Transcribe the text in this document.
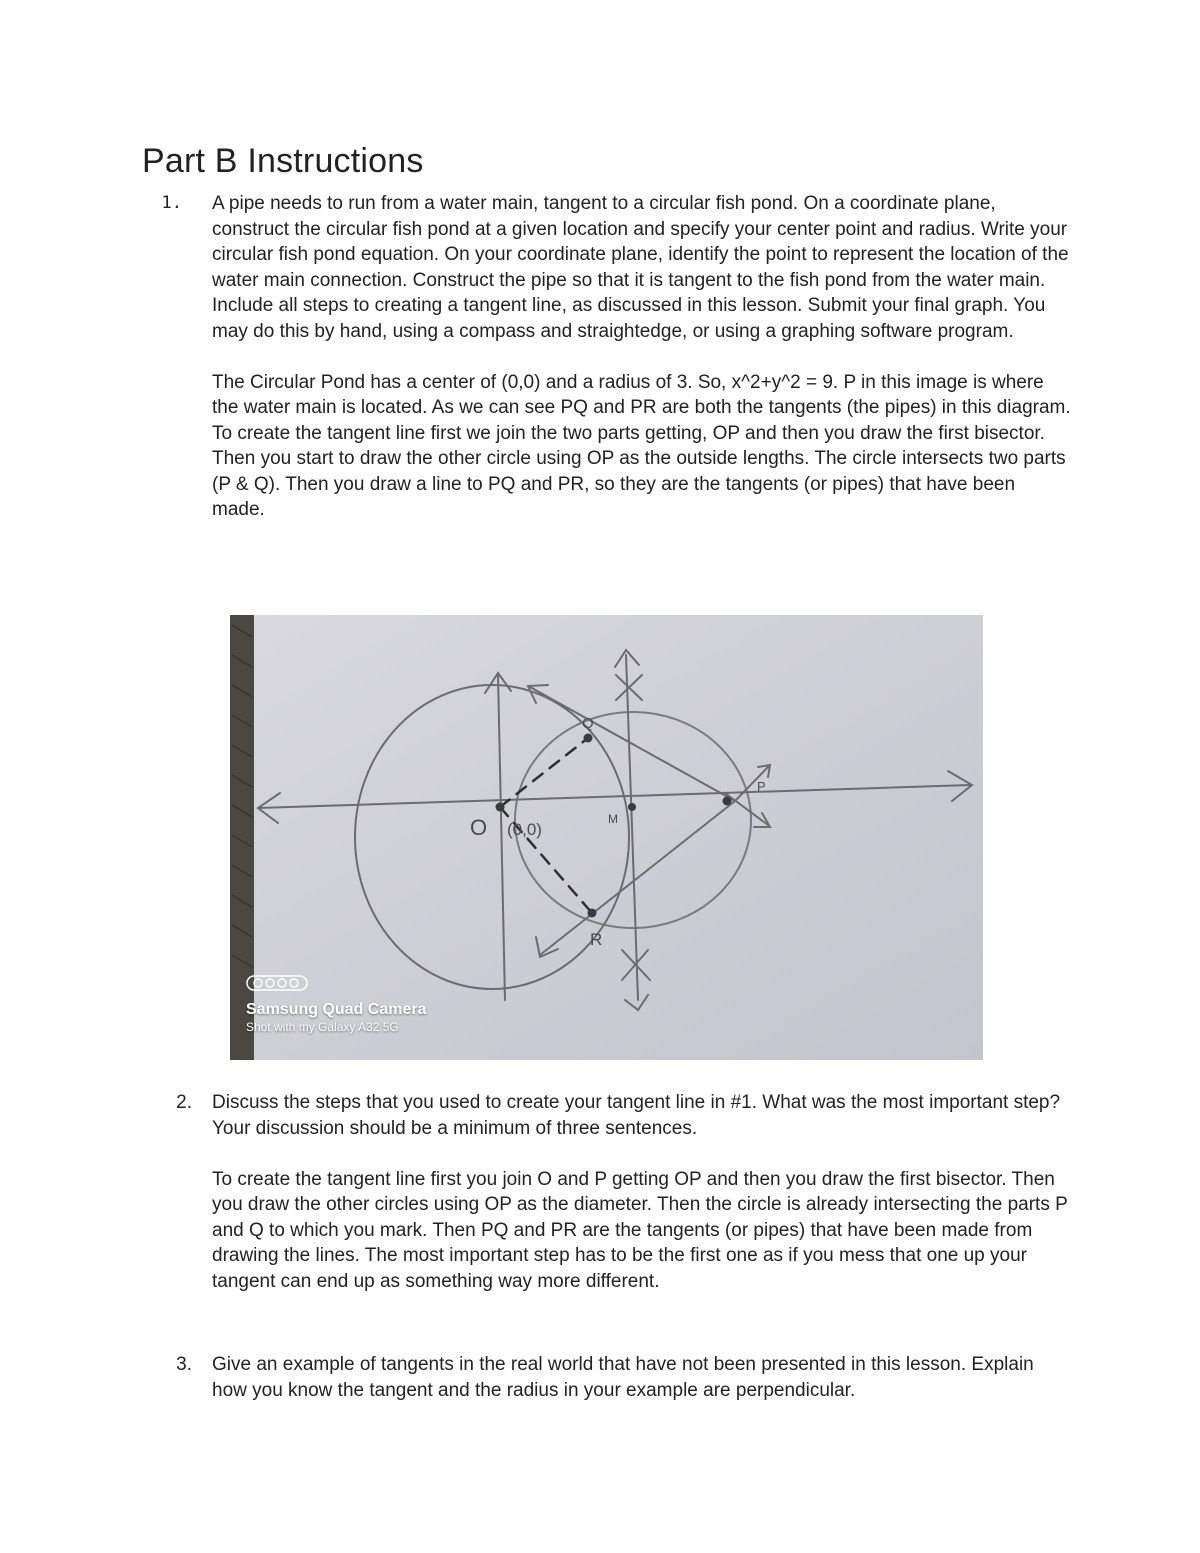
Part B Instructions
1. A pipe needs to run from a water main, tangent to a circular fish pond. On a coordinate plane, construct the circular fish pond at a given location and specify your center point and radius. Write your circular fish pond equation. On your coordinate plane, identify the point to represent the location of the water main connection. Construct the pipe so that it is tangent to the fish pond from the water main. Include all steps to creating a tangent line, as discussed in this lesson. Submit your final graph. You may do this by hand, using a compass and straightedge, or using a graphing software program.

The Circular Pond has a center of (0,0) and a radius of 3. So, x^2+y^2 = 9. P in this image is where the water main is located. As we can see PQ and PR are both the tangents (the pipes) in this diagram. To create the tangent line first we join the two parts getting, OP and then you draw the first bisector. Then you start to draw the other circle using OP as the outside lengths. The circle intersects two parts (P & Q). Then you draw a line to PQ and PR, so they are the tangents (or pipes) that have been made.

Q
P
O (0,0)
M
R
Samsung Quad Camera
Shot with my Galaxy A32 5G
2. Discuss the steps that you used to create your tangent line in #1. What was the most important step? Your discussion should be a minimum of three sentences.

To create the tangent line first you join O and P getting OP and then you draw the first bisector. Then you draw the other circles using OP as the diameter. Then the circle is already intersecting the parts P and Q to which you mark. Then PQ and PR are the tangents (or pipes) that have been made from drawing the lines. The most important step has to be the first one as if you mess that one up your tangent can end up as something way more different.

3. Give an example of tangents in the real world that have not been presented in this lesson. Explain how you know the tangent and the radius in your example are perpendicular.
